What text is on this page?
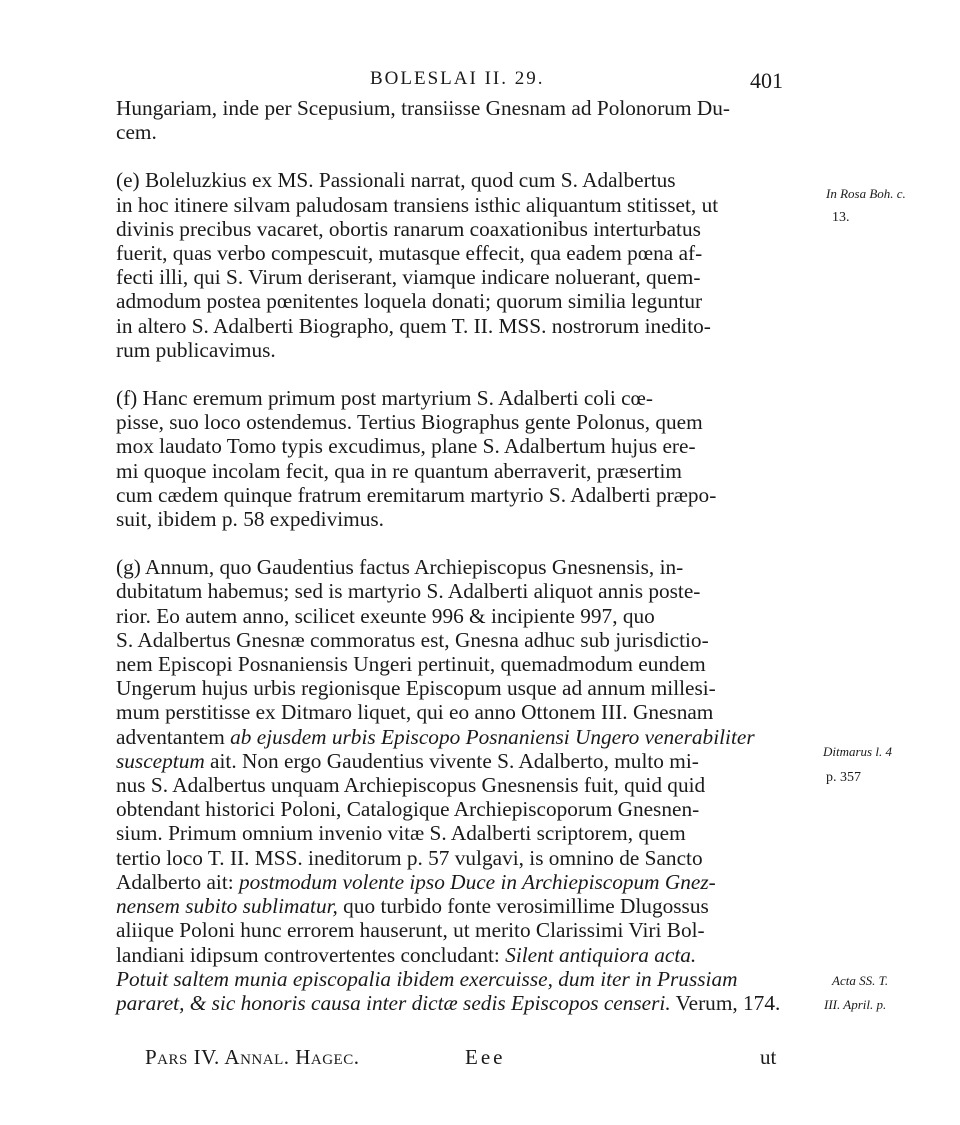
BOLESLAI II. 29.	401
Hungariam, inde per Scepusium, transiisse Gnesnam ad Polonorum Du-
cem.
(e) Boleluzkius ex MS. Passionali narrat, quod cum S. Adalbertus
in hoc itinere silvam paludosam transiens isthic aliquantum stitisset, ut
divinis precibus vacaret, obortis ranarum coaxationibus interturbatus
fuerit, quas verbo compescuit, mutasque effecit, qua eadem pœna af-
fecti illi, qui S. Virum deriserant, viamque indicare noluerant, quem-
admodum postea pœnitentes loquela donati; quorum similia leguntur
in altero S. Adalberti Biographo, quem T. II. MSS. nostrorum inedito-
rum publicavimus.
(f) Hanc eremum primum post martyrium S. Adalberti coli cœ-
pisse, suo loco ostendemus. Tertius Biographus gente Polonus, quem
mox laudato Tomo typis excudimus, plane S. Adalbertum hujus ere-
mi quoque incolam fecit, qua in re quantum aberraverit, præsertim
cum cædem quinque fratrum eremitarum martyrio S. Adalberti præpo-
suit, ibidem p. 58 expedivimus.
(g) Annum, quo Gaudentius factus Archiepiscopus Gnesnensis, in-
dubitatum habemus; sed is martyrio S. Adalberti aliquot annis poste-
rior. Eo autem anno, scilicet exeunte 996 & incipiente 997, quo
S. Adalbertus Gnesnæ commoratus est, Gnesna adhuc sub jurisdictio-
nem Episcopi Posnaniensis Ungeri pertinuit, quemadmodum eundem
Ungerum hujus urbis regionisque Episcopum usque ad annum millesi-
mum perstitisse ex Ditmaro liquet, qui eo anno Ottonem III. Gnesnam
adventantem ab ejusdem urbis Episcopo Posnaniensi Ungero venerabiliter
susceptum ait. Non ergo Gaudentius vivente S. Adalberto, multo mi-
nus S. Adalbertus unquam Archiepiscopus Gnesnensis fuit, quid quid
obtendant historici Poloni, Catalogique Archiepiscoporum Gnesnen-
sium. Primum omnium invenio vitæ S. Adalberti scriptorem, quem
tertio loco T. II. MSS. ineditorum p. 57 vulgavi, is omnino de Sancto
Adalberto ait: postmodum volente ipso Duce in Archiepiscopum Gnez-
nensem subito sublimatur, quo turbido fonte verosimillime Dlugossus
aliique Poloni hunc errorem hauserunt, ut merito Clarissimi Viri Bol-
landiani idipsum controvertentes concludant: Silent antiquiora acta.
Potuit saltem munia episcopalia ibidem exercuisse, dum iter in Prussiam
pararet, & sic honoris causa inter dictæ sedis Episcopos censeri. Verum, 174.
In Rosa Boh. c.
13.
Ditmarus l. 4
p. 357
Acta SS. T.
III. April. p.
Pars IV. Annal. Hagec.	Eee	ut
